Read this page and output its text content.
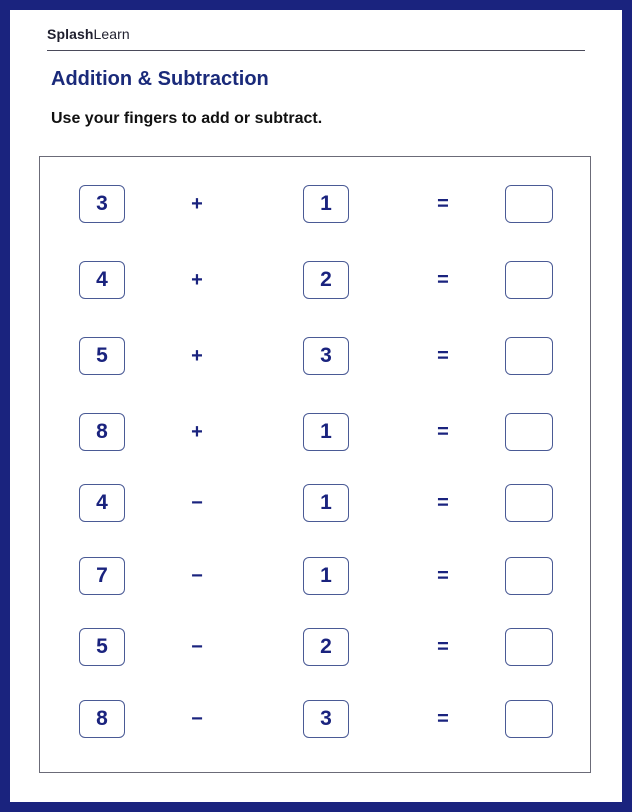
SplashLearn
Addition & Subtraction
Use your fingers to add or subtract.
3	+	1	=
4	+	2	=
5	+	3	=
8	+	1	=
4	−	1	=
7	−	1	=
5	−	2	=
8	−	3	=
